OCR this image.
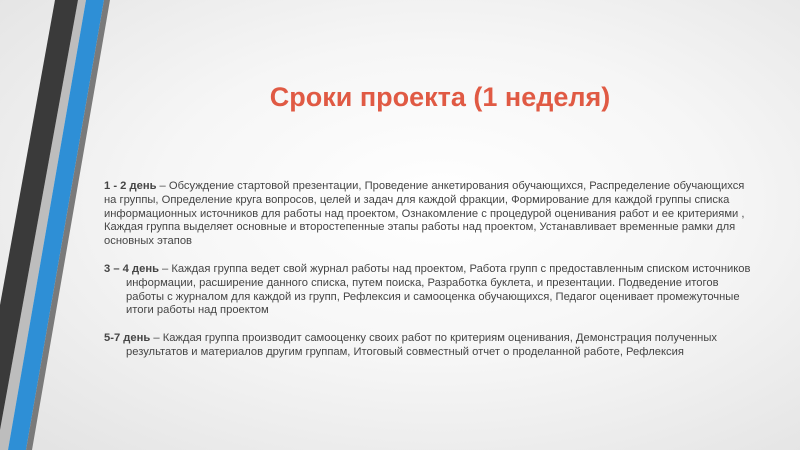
Сроки проекта (1 неделя)

1 - 2 день – Обсуждение стартовой презентации, Проведение анкетирования обучающихся, Распределение обучающихся на группы, Определение круга вопросов, целей и задач для каждой фракции, Формирование для каждой группы списка информационных источников для работы над проектом, Ознакомление с процедурой оценивания работ и ее критериями , Каждая группа выделяет основные и второстепенные этапы работы над проектом, Устанавливает временные рамки для основных этапов

3 – 4 день – Каждая группа ведет свой журнал работы над проектом, Работа групп с предоставленным списком источников информации, расширение данного списка, путем поиска, Разработка буклета, и презентации. Подведение итогов работы с журналом для каждой из групп, Рефлексия и самооценка обучающихся, Педагог оценивает промежуточные итоги работы над проектом

5-7 день – Каждая группа производит самооценку своих работ по критериям оценивания, Демонстрация полученных результатов и материалов другим группам, Итоговый совместный отчет о проделанной работе, Рефлексия
